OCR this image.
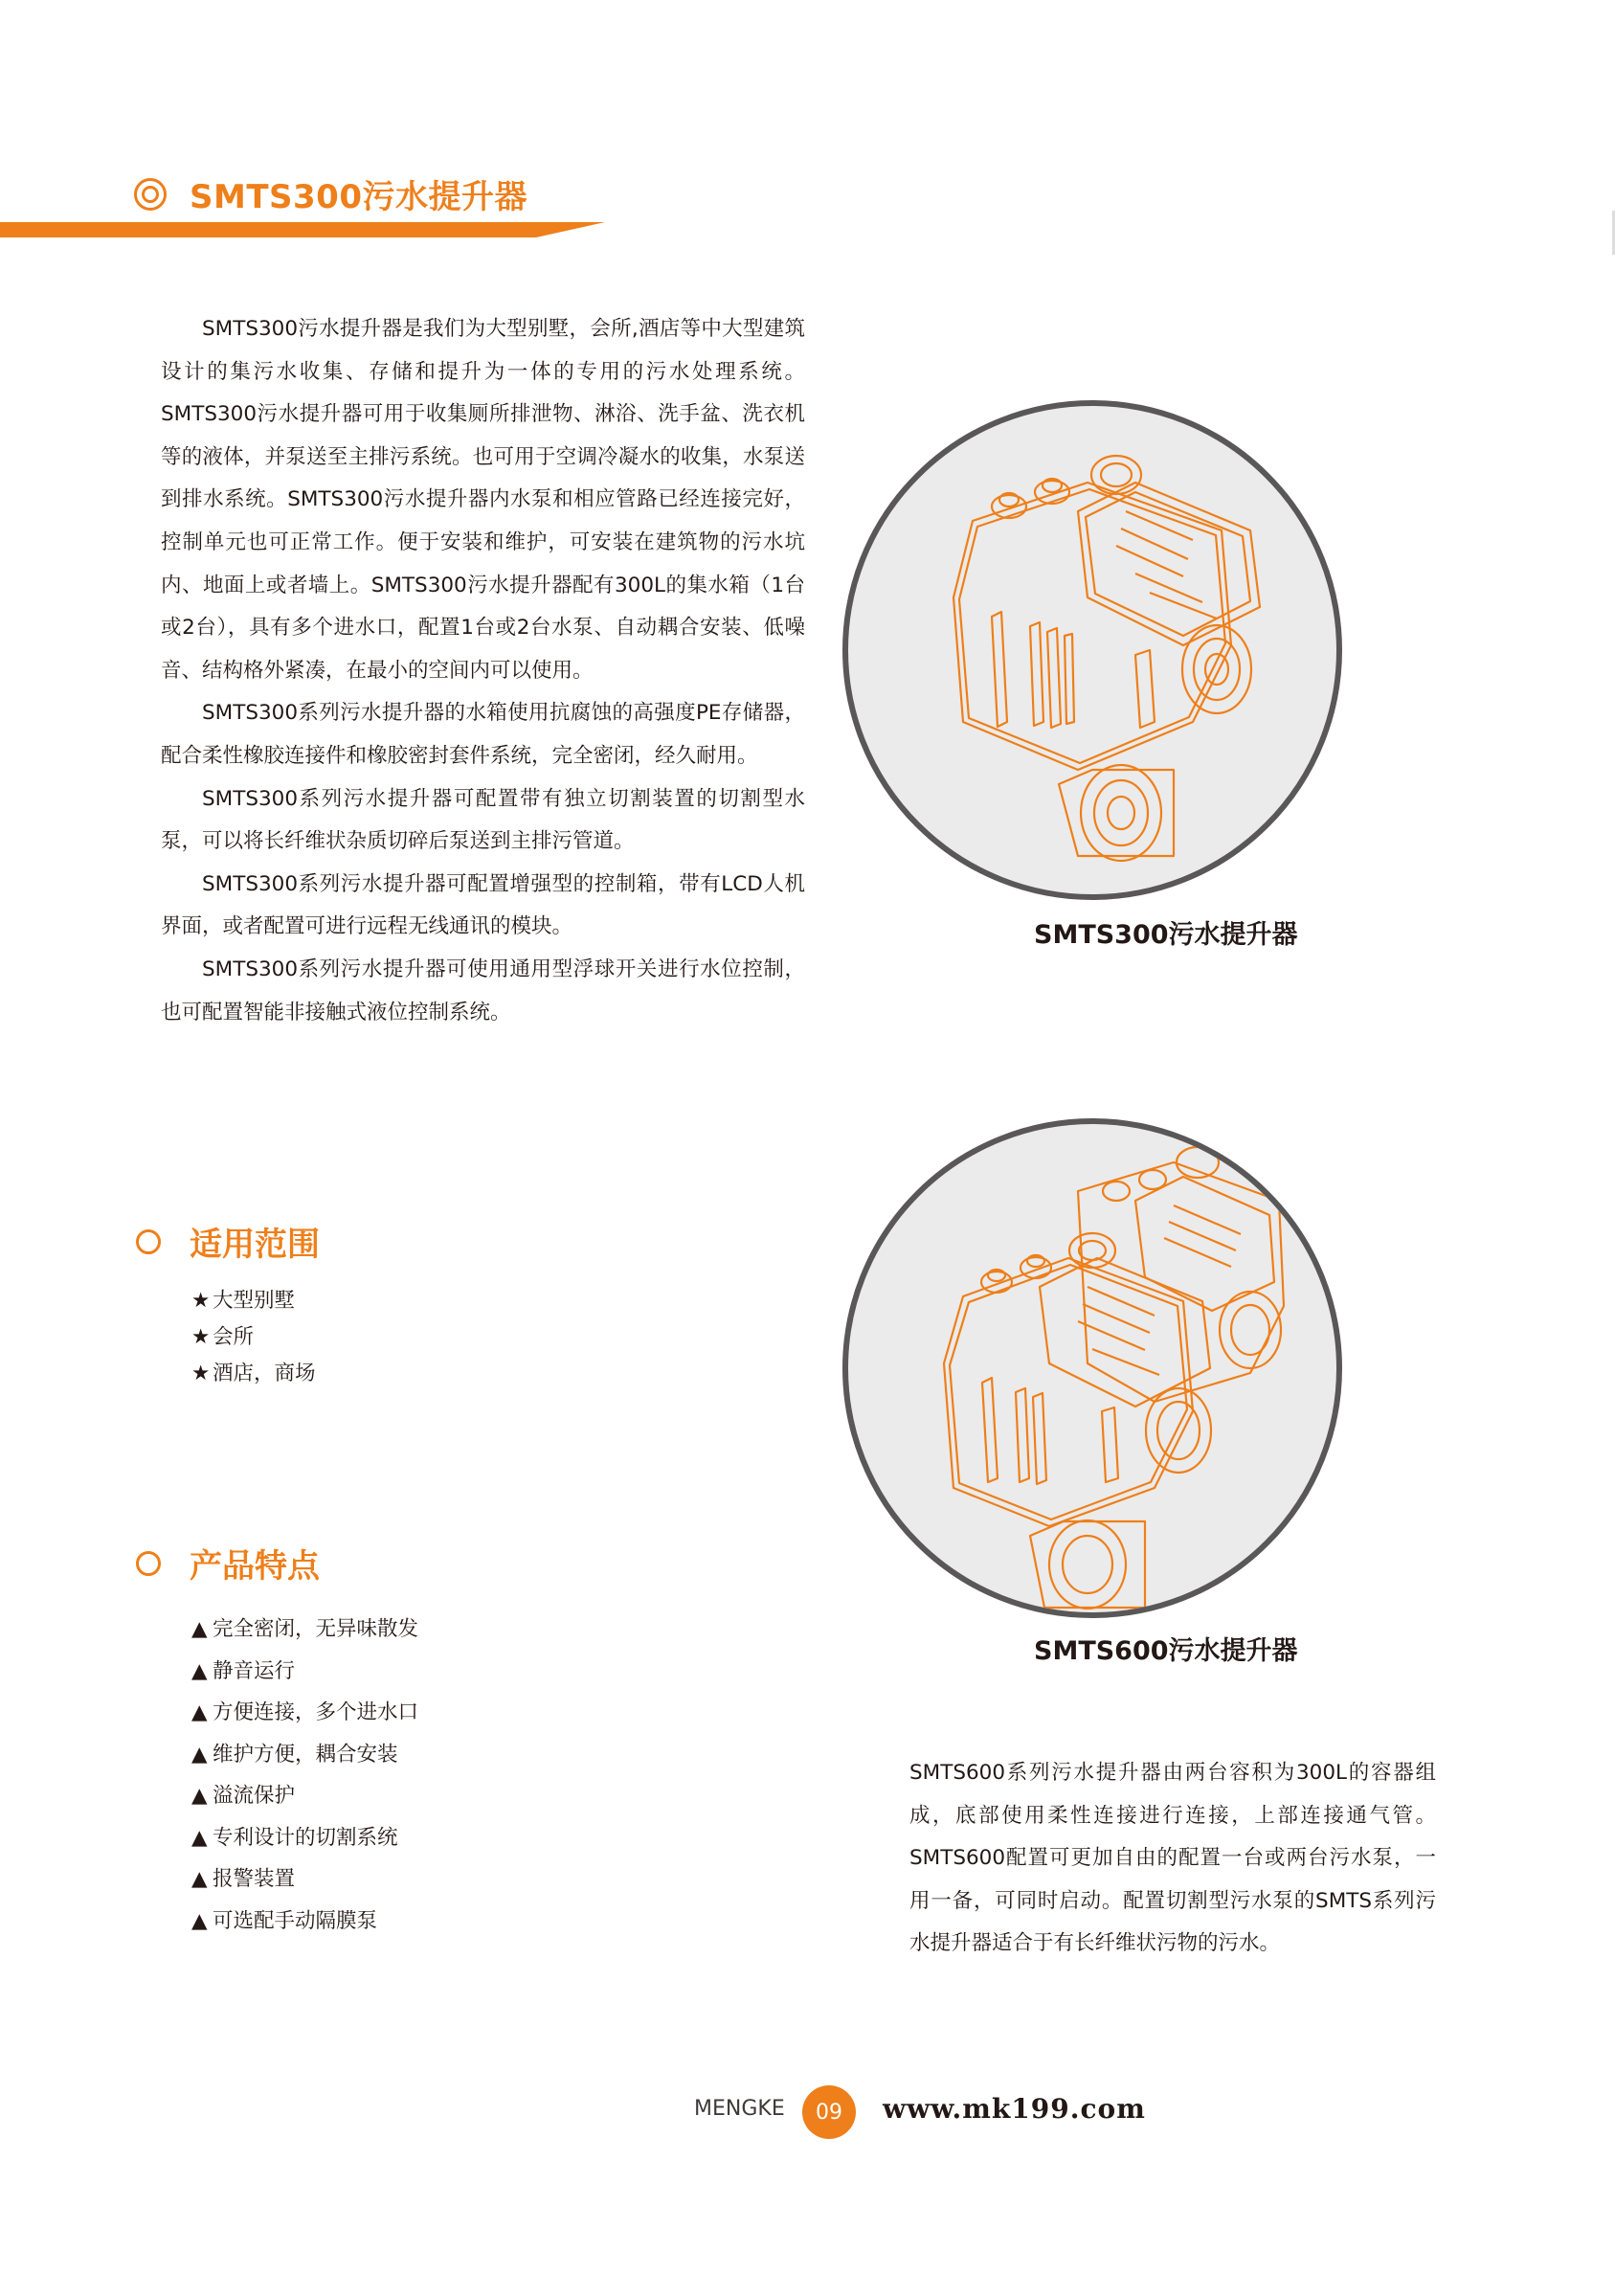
SMTS300污水提升器

SMTS300污水提升器是我们为大型别墅，会所,酒店等中大型建筑设计的集污水收集、存储和提升为一体的专用的污水处理系统。SMTS300污水提升器可用于收集厕所排泄物、淋浴、洗手盆、洗衣机等的液体，并泵送至主排污系统。也可用于空调冷凝水的收集，水泵送到排水系统。SMTS300污水提升器内水泵和相应管路已经连接完好，控制单元也可正常工作。便于安装和维护，可安装在建筑物的污水坑内、地面上或者墙上。SMTS300污水提升器配有300L的集水箱（1台或2台），具有多个进水口，配置1台或2台水泵、自动耦合安装、低噪音、结构格外紧凑，在最小的空间内可以使用。

SMTS300系列污水提升器的水箱使用抗腐蚀的高强度PE存储器，配合柔性橡胶连接件和橡胶密封套件系统，完全密闭，经久耐用。

SMTS300系列污水提升器可配置带有独立切割装置的切割型水泵，可以将长纤维状杂质切碎后泵送到主排污管道。

SMTS300系列污水提升器可配置增强型的控制箱，带有LCD人机界面，或者配置可进行远程无线通讯的模块。

SMTS300系列污水提升器可使用通用型浮球开关进行水位控制，也可配置智能非接触式液位控制系统。

适用范围
★ 大型别墅
★ 会所
★ 酒店，商场
产品特点
▲ 完全密闭，无异味散发
▲ 静音运行
▲ 方便连接，多个进水口
▲ 维护方便，耦合安装
▲ 溢流保护
▲ 专利设计的切割系统
▲ 报警装置
▲ 可选配手动隔膜泵
SMTS300污水提升器
SMTS600污水提升器

SMTS600系列污水提升器由两台容积为300L的容器组成，底部使用柔性连接进行连接，上部连接通气管。SMTS600配置可更加自由的配置一台或两台污水泵，一用一备，可同时启动。配置切割型污水泵的SMTS系列污水提升器适合于有长纤维状污物的污水。

MENGKE	09	www.mk199.com
